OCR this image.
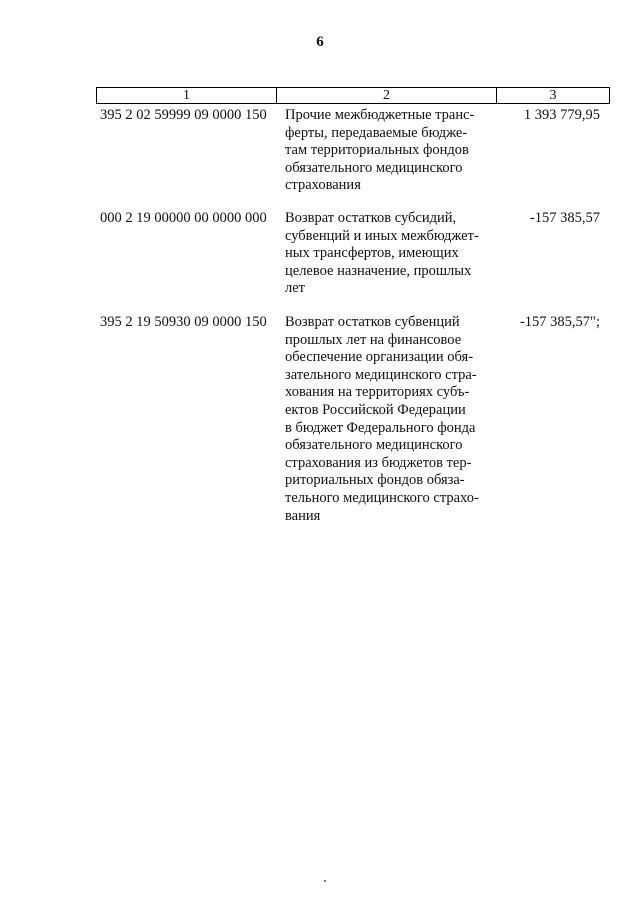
6
1	2	3
395 2 02 59999 09 0000 150 Прочие межбюджетные транс-
ферты, передаваемые бюдже-
там территориальных фондов
обязательного медицинского
страхования
1 393 779,95
000 2 19 00000 00 0000 000 Возврат остатков субсидий,
субвенций и иных межбюджет-
ных трансфертов, имеющих
целевое назначение, прошлых
лет
-157 385,57
395 2 19 50930 09 0000 150 Возврат остатков субвенций
прошлых лет на финансовое
обеспечение организации обя-
зательного медицинского стра-
хования на территориях субъ-
ектов Российской Федерации
в бюджет Федерального фонда
обязательного медицинского
страхования из бюджетов тер-
риториальных фондов обяза-
тельного медицинского страхо-
вания
-157 385,57";
